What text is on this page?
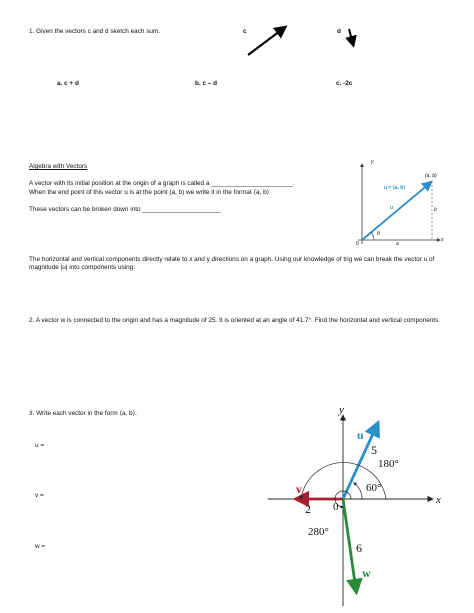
1. Given the vectors c and d sketch each sum.	c	d
a. c + d	b. c – d	c. -2c
Algebra with Vectors
A vector with its initial position at the origin of a graph is called a _______________________.
When the end point of this vector u is at the point (a, b) we write it in the format ⟨a, b⟩
These vectors can be broken down into ______________________
y
x
(a, b)
u = ⟨a, b⟩
u	b
a
θ
0
The horizontal and vertical components directly relate to x and y directions on a graph. Using our knowledge of trig we can break the vector u of magnitude |u| into components using:
2. A vector w is connected to the origin and has a magnitude of 25. It is oriented at an angle of 41.7°. Find the horizontal and vertical components.
3. Write each vector in the form ⟨a, b⟩.
u =
v =
w =
y
x
u
v
w
5
2
6
60°
180°
280°
0
